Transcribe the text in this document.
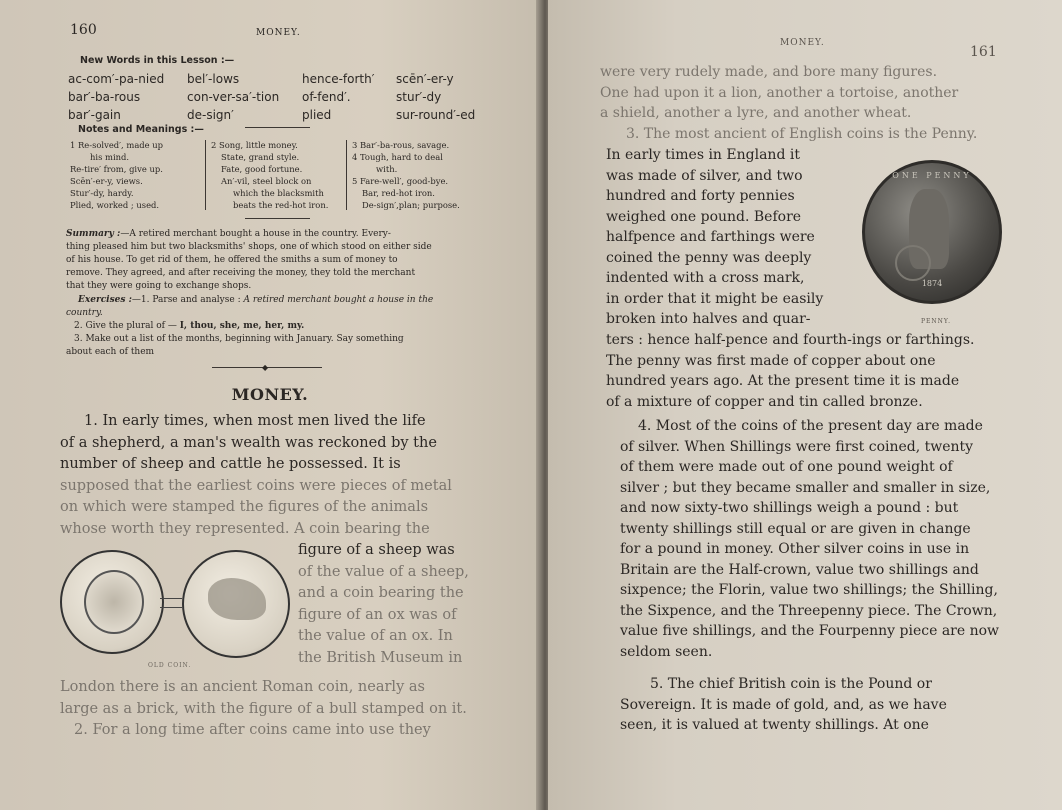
160	MONEY.
New Words in this Lesson :—
ac-com′-pa-nied
bar′-ba-rous
bar′-gain
bel′-lows
con-ver-sa′-tion
de-sign′
hence-forth′
of-fend′.
plied
scēn′-er-y
stur′-dy
sur-round′-ed
Notes and Meanings :—
1 Re-solved′, made up
his mind.
Re-tire′ from, give up.
Scēn′-er-y, views.
Stur′-dy, hardy.
Plied, worked ; used.
2 Song, little money.
State, grand style.
Fate, good fortune.
An′-vil, steel block on
which the blacksmith
beats the red-hot iron.
3 Bar′-ba-rous, savage.
4 Tough, hard to deal
with.
5 Fare-well′, good-bye.
Bar, red-hot iron.
De-sign′,plan; purpose.
Summary :—A retired merchant bought a house in the country. Every-
thing pleased him but two blacksmiths' shops, one of which stood on either side
of his house. To get rid of them, he offered the smiths a sum of money to
remove. They agreed, and after receiving the money, they told the merchant
that they were going to exchange shops.
Exercises :—1. Parse and analyse : A retired merchant bought a house in the
country.
2. Give the plural of — I, thou, she, me, her, my.
3. Make out a list of the months, beginning with January. Say something
about each of them
◆
MONEY.
1. In early times, when most men lived the life
of a shepherd, a man's wealth was reckoned by the
number of sheep and cattle he possessed. It is
supposed that the earliest coins were pieces of metal
on which were stamped the figures of the animals
whose worth they represented. A coin bearing the
figure of a sheep was
of the value of a sheep,
and a coin bearing the
figure of an ox was of
the value of an ox. In
the British Museum in
OLD COIN.
London there is an ancient Roman coin, nearly as
large as a brick, with the figure of a bull stamped on it.
2. For a long time after coins came into use they
MONEY.
161
were very rudely made, and bore many figures.
One had upon it a lion, another a tortoise, another
a shield, another a lyre, and another wheat.
3. The most ancient of English coins is the Penny.
In early times in England it
was made of silver, and two
hundred and forty pennies
weighed one pound. Before
halfpence and farthings were
coined the penny was deeply
indented with a cross mark,
in order that it might be easily
broken into halves and quar-
ONE PENNY
1874
PENNY.
ters : hence half-pence and fourth-ings or farthings.
The penny was first made of copper about one
hundred years ago. At the present time it is made
of a mixture of copper and tin called bronze.
4. Most of the coins of the present day are made
of silver. When Shillings were first coined, twenty
of them were made out of one pound weight of
silver ; but they became smaller and smaller in size,
and now sixty-two shillings weigh a pound : but
twenty shillings still equal or are given in change
for a pound in money. Other silver coins in use in
Britain are the Half-crown, value two shillings and
sixpence; the Florin, value two shillings; the Shilling,
the Sixpence, and the Threepenny piece. The Crown,
value five shillings, and the Fourpenny piece are now
seldom seen.
5. The chief British coin is the Pound or
Sovereign. It is made of gold, and, as we have
seen, it is valued at twenty shillings. At one
